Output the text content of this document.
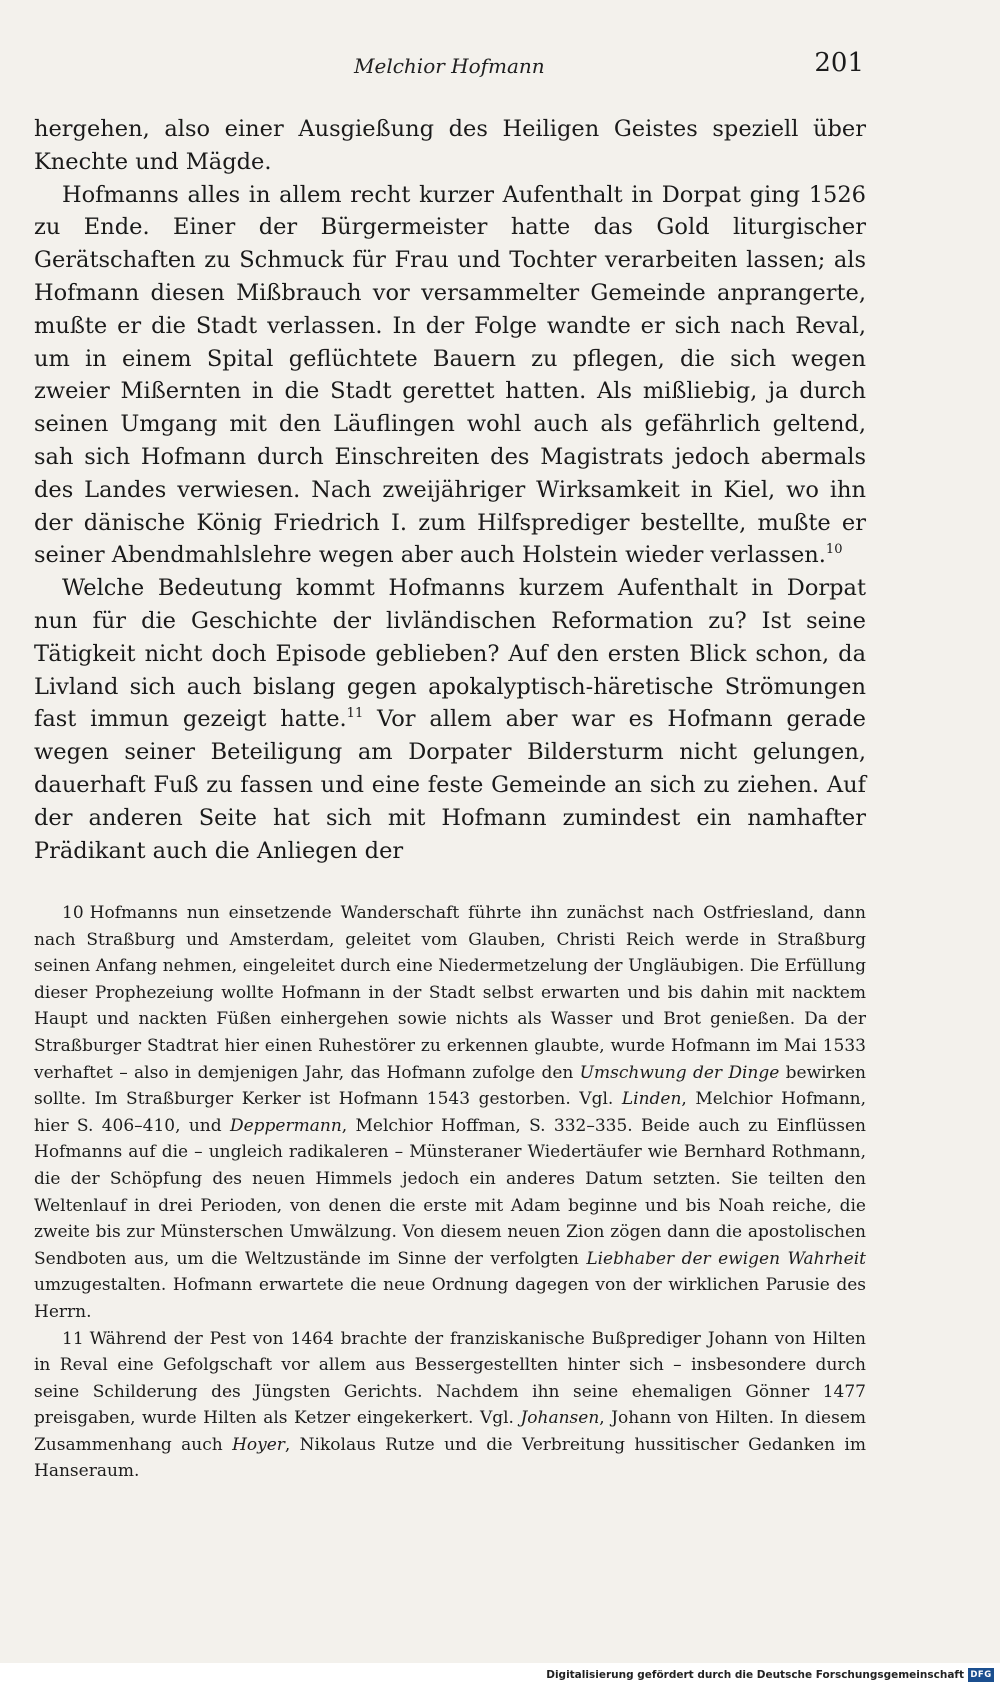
Melchior Hofmann	201

hergehen, also einer Ausgießung des Heiligen Geistes speziell über Knechte und Mägde.

Hofmanns alles in allem recht kurzer Aufenthalt in Dorpat ging 1526 zu Ende. Einer der Bürgermeister hatte das Gold liturgischer Gerätschaften zu Schmuck für Frau und Tochter verarbeiten lassen; als Hofmann diesen Mißbrauch vor versammelter Gemeinde anprangerte, mußte er die Stadt verlassen. In der Folge wandte er sich nach Reval, um in einem Spital geflüchtete Bauern zu pflegen, die sich wegen zweier Mißernten in die Stadt gerettet hatten. Als mißliebig, ja durch seinen Umgang mit den Läuflingen wohl auch als gefährlich geltend, sah sich Hofmann durch Einschreiten des Magistrats jedoch abermals des Landes verwiesen. Nach zweijähriger Wirksamkeit in Kiel, wo ihn der dänische König Friedrich I. zum Hilfsprediger bestellte, mußte er seiner Abendmahlslehre wegen aber auch Holstein wieder verlassen.$^{10}$

Welche Bedeutung kommt Hofmanns kurzem Aufenthalt in Dorpat nun für die Geschichte der livländischen Reformation zu? Ist seine Tätigkeit nicht doch Episode geblieben? Auf den ersten Blick schon, da Livland sich auch bislang gegen apokalyptisch-häretische Strömungen fast immun gezeigt hatte.$^{11}$ Vor allem aber war es Hofmann gerade wegen seiner Beteiligung am Dorpater Bildersturm nicht gelungen, dauerhaft Fuß zu fassen und eine feste Gemeinde an sich zu ziehen. Auf der anderen Seite hat sich mit Hofmann zumindest ein namhafter Prädikant auch die Anliegen der

10 Hofmanns nun einsetzende Wanderschaft führte ihn zunächst nach Ostfriesland, dann nach Straßburg und Amsterdam, geleitet vom Glauben, Christi Reich werde in Straßburg seinen Anfang nehmen, eingeleitet durch eine Niedermetzelung der Ungläubigen. Die Erfüllung dieser Prophezeiung wollte Hofmann in der Stadt selbst erwarten und bis dahin mit nacktem Haupt und nackten Füßen einhergehen sowie nichts als Wasser und Brot genießen. Da der Straßburger Stadtrat hier einen Ruhestörer zu erkennen glaubte, wurde Hofmann im Mai 1533 verhaftet – also in demjenigen Jahr, das Hofmann zufolge den Umschwung der Dinge bewirken sollte. Im Straßburger Kerker ist Hofmann 1543 gestorben. Vgl. Linden, Melchior Hofmann, hier S. 406–410, und Deppermann, Melchior Hoffman, S. 332–335. Beide auch zu Einflüssen Hofmanns auf die – ungleich radikaleren – Münsteraner Wiedertäufer wie Bernhard Rothmann, die der Schöpfung des neuen Himmels jedoch ein anderes Datum setzten. Sie teilten den Weltenlauf in drei Perioden, von denen die erste mit Adam beginne und bis Noah reiche, die zweite bis zur Münsterschen Umwälzung. Von diesem neuen Zion zögen dann die apostolischen Sendboten aus, um die Weltzustände im Sinne der verfolgten Liebhaber der ewigen Wahrheit umzugestalten. Hofmann erwartete die neue Ordnung dagegen von der wirklichen Parusie des Herrn.

11 Während der Pest von 1464 brachte der franziskanische Bußprediger Johann von Hilten in Reval eine Gefolgschaft vor allem aus Bessergestellten hinter sich – insbesondere durch seine Schilderung des Jüngsten Gerichts. Nachdem ihn seine ehemaligen Gönner 1477 preisgaben, wurde Hilten als Ketzer eingekerkert. Vgl. Johansen, Johann von Hilten. In diesem Zusammenhang auch Hoyer, Nikolaus Rutze und die Verbreitung hussitischer Gedanken im Hanseraum.

Digitalisierung gefördert durch die Deutsche Forschungsgemeinschaft DFG
